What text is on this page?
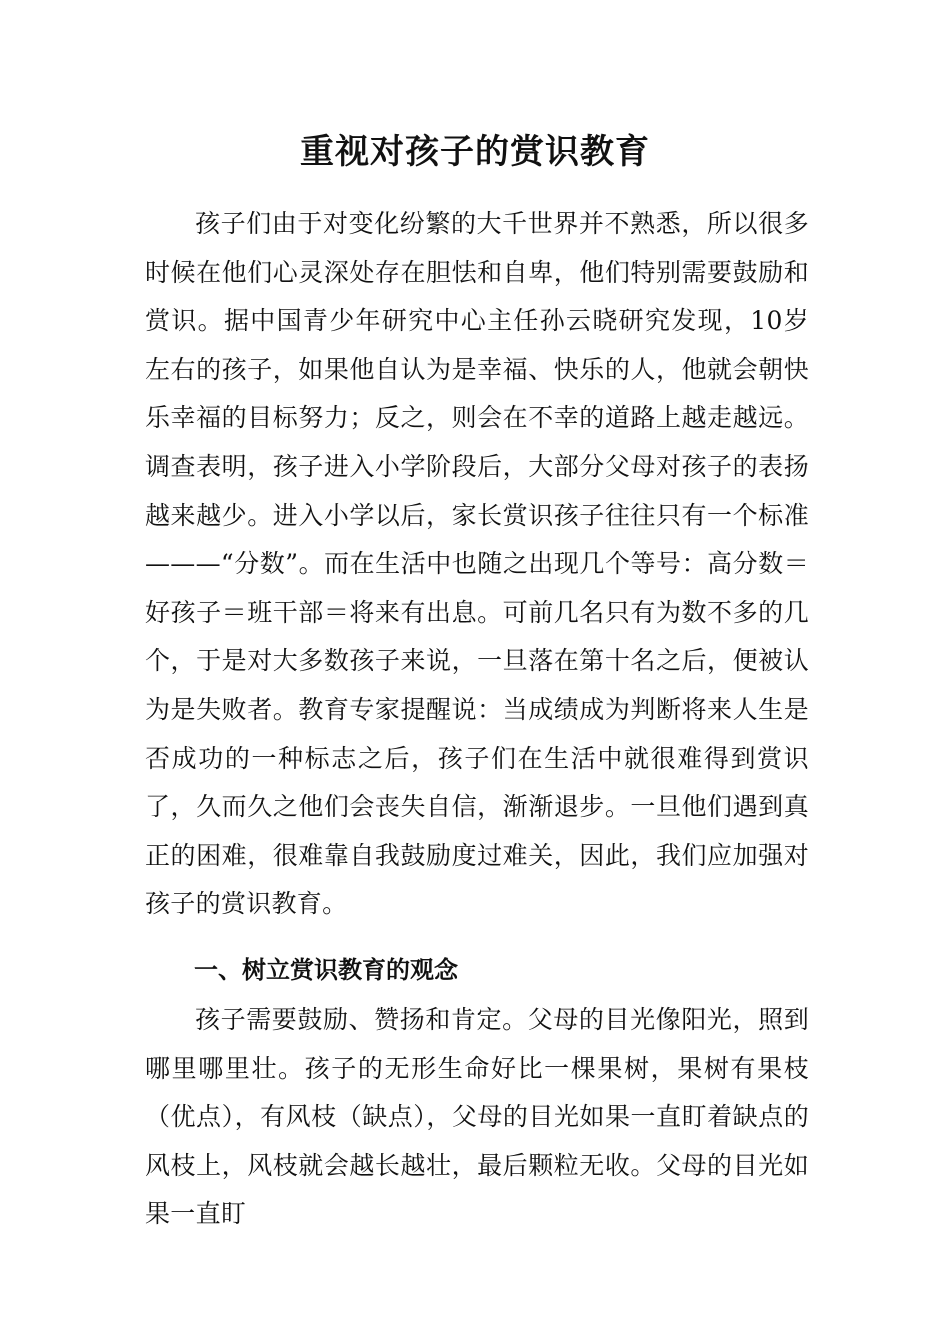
重视对孩子的赏识教育

孩子们由于对变化纷繁的大千世界并不熟悉，所以很多时候在他们心灵深处存在胆怯和自卑，他们特别需要鼓励和赏识。据中国青少年研究中心主任孙云晓研究发现，10岁左右的孩子，如果他自认为是幸福、快乐的人，他就会朝快乐幸福的目标努力；反之，则会在不幸的道路上越走越远。调查表明，孩子进入小学阶段后，大部分父母对孩子的表扬越来越少。进入小学以后，家长赏识孩子往往只有一个标准———“分数”。而在生活中也随之出现几个等号：高分数＝好孩子＝班干部＝将来有出息。可前几名只有为数不多的几个，于是对大多数孩子来说，一旦落在第十名之后，便被认为是失败者。教育专家提醒说：当成绩成为判断将来人生是否成功的一种标志之后，孩子们在生活中就很难得到赏识了，久而久之他们会丧失自信，渐渐退步。一旦他们遇到真正的困难，很难靠自我鼓励度过难关，因此，我们应加强对孩子的赏识教育。

一、树立赏识教育的观念

孩子需要鼓励、赞扬和肯定。父母的目光像阳光，照到哪里哪里壮。孩子的无形生命好比一棵果树，果树有果枝（优点），有风枝（缺点），父母的目光如果一直盯着缺点的风枝上，风枝就会越长越壮，最后颗粒无收。父母的目光如果一直盯
